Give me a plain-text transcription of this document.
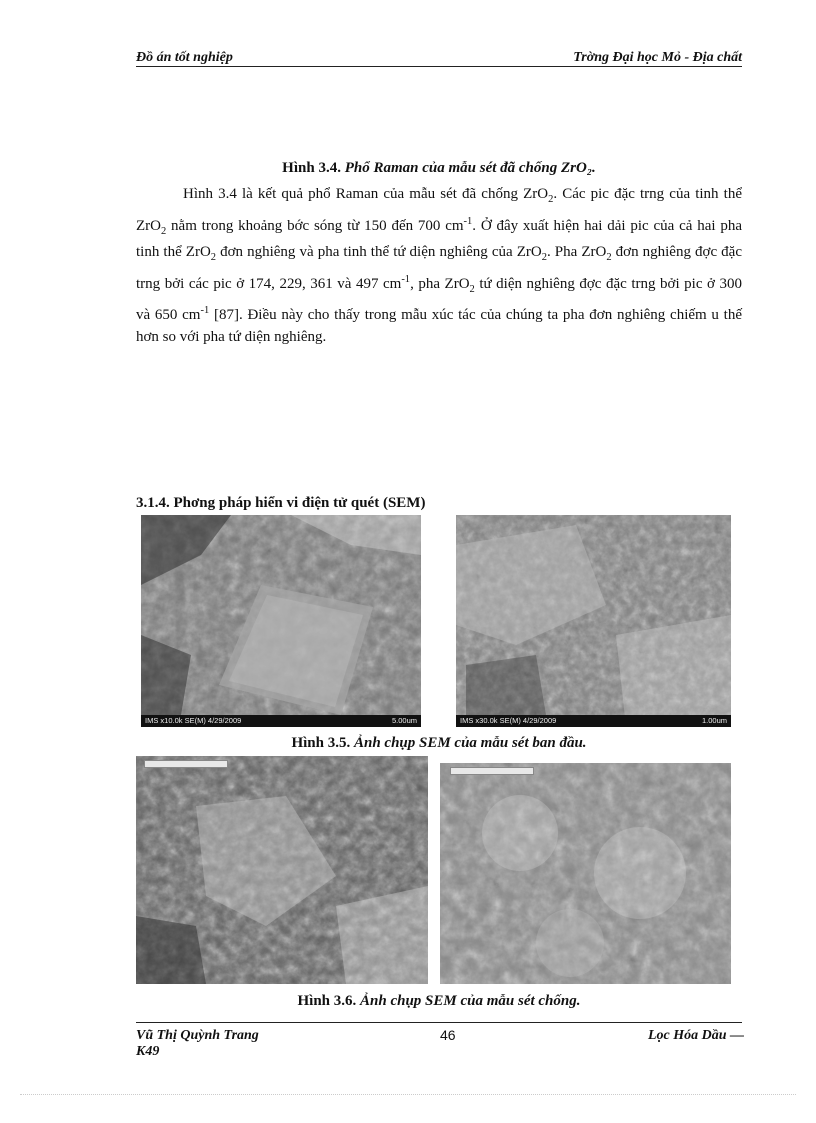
Đồ án tốt nghiệp	Trờng Đại học Mỏ - Địa chất
Hình 3.4. Phổ Raman của mẫu sét đã chống ZrO₂.

Hình 3.4 là kết quả phổ Raman của mẫu sét đã chống ZrO$_2$. Các pic đặc trng của tinh thể ZrO$_2$ nằm trong khoảng bớc sóng từ 150 đến 700 $cm^{-1}$. Ở đây xuất hiện hai dải pic của cả hai pha tinh thể ZrO$_2$ đơn nghiêng và pha tinh thể tứ diện nghiêng của ZrO$_2$. Pha ZrO$_2$ đơn nghiêng đợc đặc trng bởi các pic ở 174, 229, 361 và 497 $cm^{-1}$, pha ZrO$_2$ tứ diện nghiêng đợc đặc trng bởi pic ở 300 và 650 $cm^{-1}$ [87]. Điều này cho thấy trong mẫu xúc tác của chúng ta pha đơn nghiêng chiếm u thế hơn so với pha tứ diện nghiêng.

3.1.4. Phơng pháp hiển vi điện tử quét (SEM)
IMS x10.0k SE(M) 4/29/2009	5.00um	IMS x30.0k SE(M) 4/29/2009	1.00um
Hình 3.5. Ảnh chụp SEM của mẫu sét ban đầu.
Hình 3.6. Ảnh chụp SEM của mẫu sét chống.
Vũ Thị Quỳnh Trang
K49
46	Lọc Hóa Dầu —
